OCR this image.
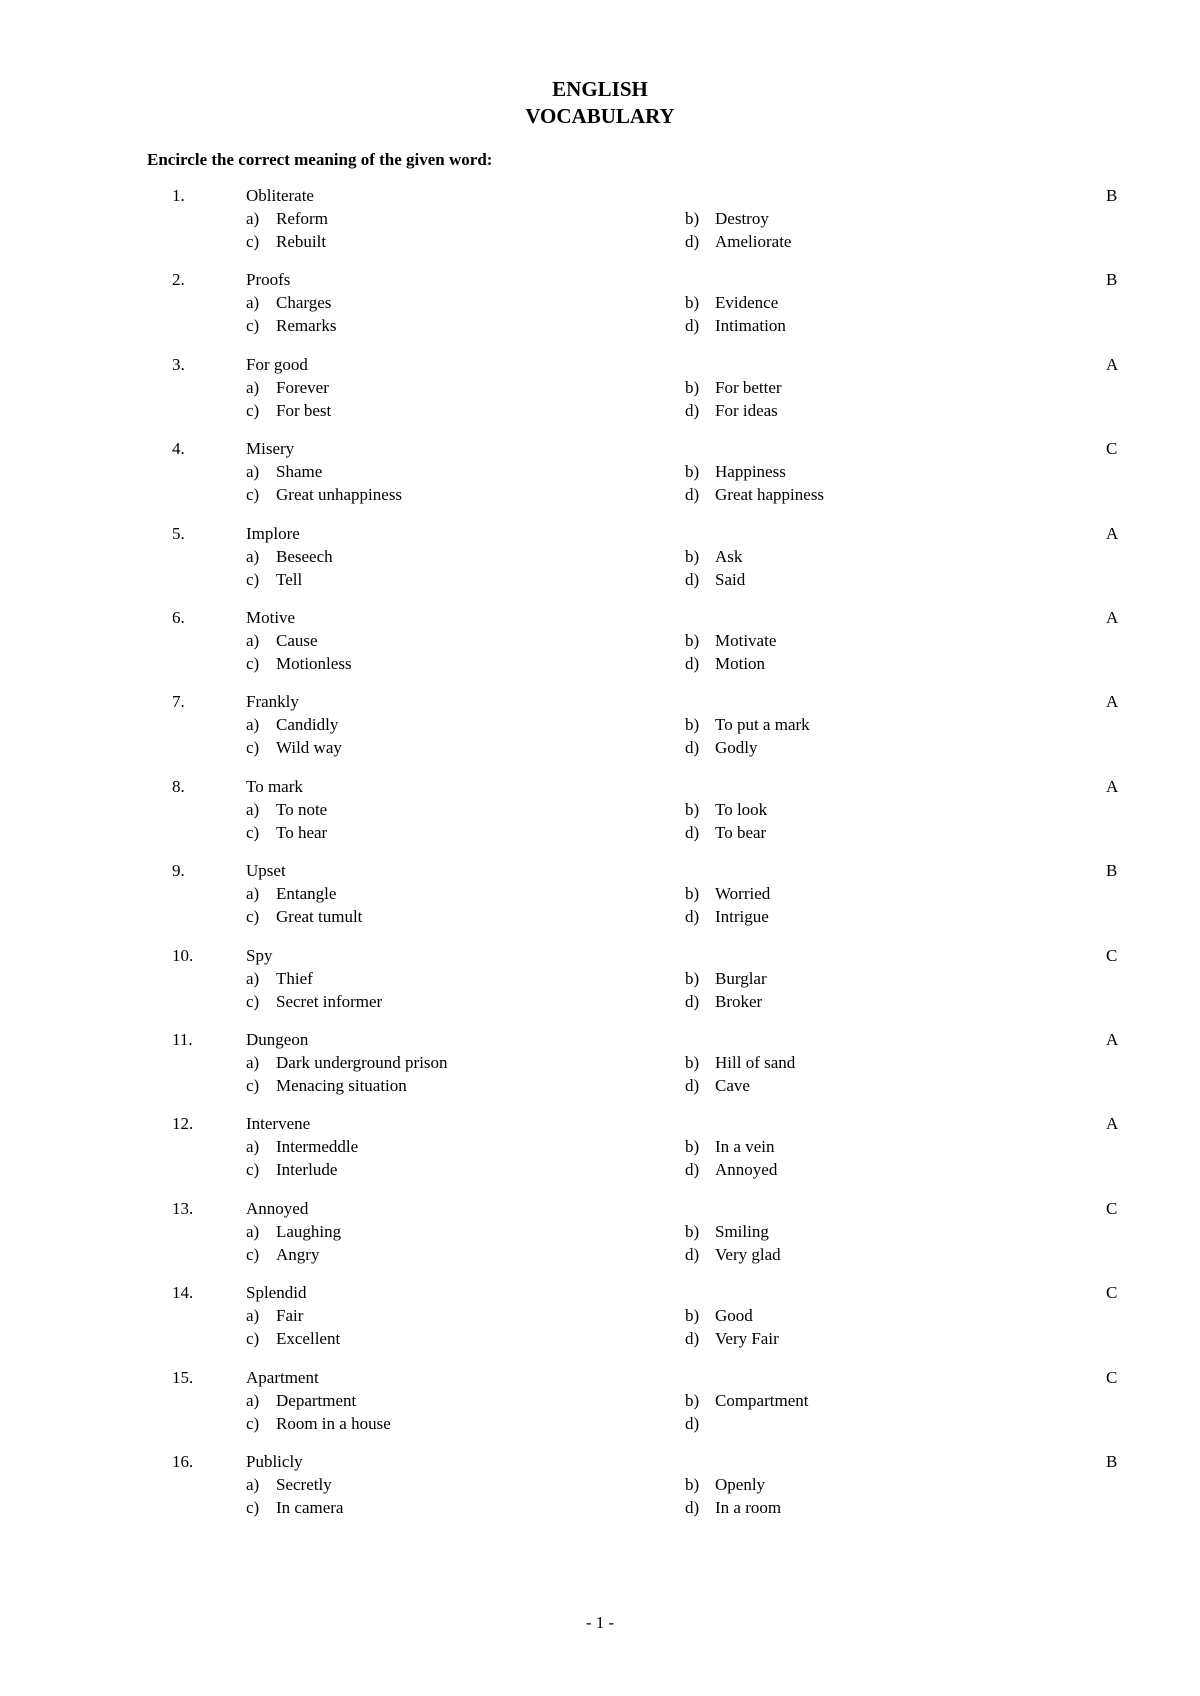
ENGLISH
VOCABULARY
Encircle the correct meaning of the given word:
1.	Obliterate	B
a) Reform	b) Destroy
c) Rebuilt	d) Ameliorate
2.	Proofs	B
a) Charges	b) Evidence
c) Remarks	d) Intimation
3.	For good	A
a) Forever	b) For better
c) For best	d) For ideas
4.	Misery	C
a) Shame	b) Happiness
c) Great unhappiness	d) Great happiness
5.	Implore	A
a) Beseech	b) Ask
c) Tell	d) Said
6.	Motive	A
a) Cause	b) Motivate
c) Motionless	d) Motion
7.	Frankly	A
a) Candidly	b) To put a mark
c) Wild way	d) Godly
8.	To mark	A
a) To note	b) To look
c) To hear	d) To bear
9.	Upset	B
a) Entangle	b) Worried
c) Great tumult	d) Intrigue
10.	Spy	C
a) Thief	b) Burglar
c) Secret informer	d) Broker
11.	Dungeon	A
a) Dark underground prison	b) Hill of sand
c) Menacing situation	d) Cave
12.	Intervene	A
a) Intermeddle	b) In a vein
c) Interlude	d) Annoyed
13.	Annoyed	C
a) Laughing	b) Smiling
c) Angry	d) Very glad
14.	Splendid	C
a) Fair	b) Good
c) Excellent	d) Very Fair
15.	Apartment	C
a) Department	b) Compartment
c) Room in a house	d)
16.	Publicly	B
a) Secretly	b) Openly
c) In camera	d) In a room
- 1 -
